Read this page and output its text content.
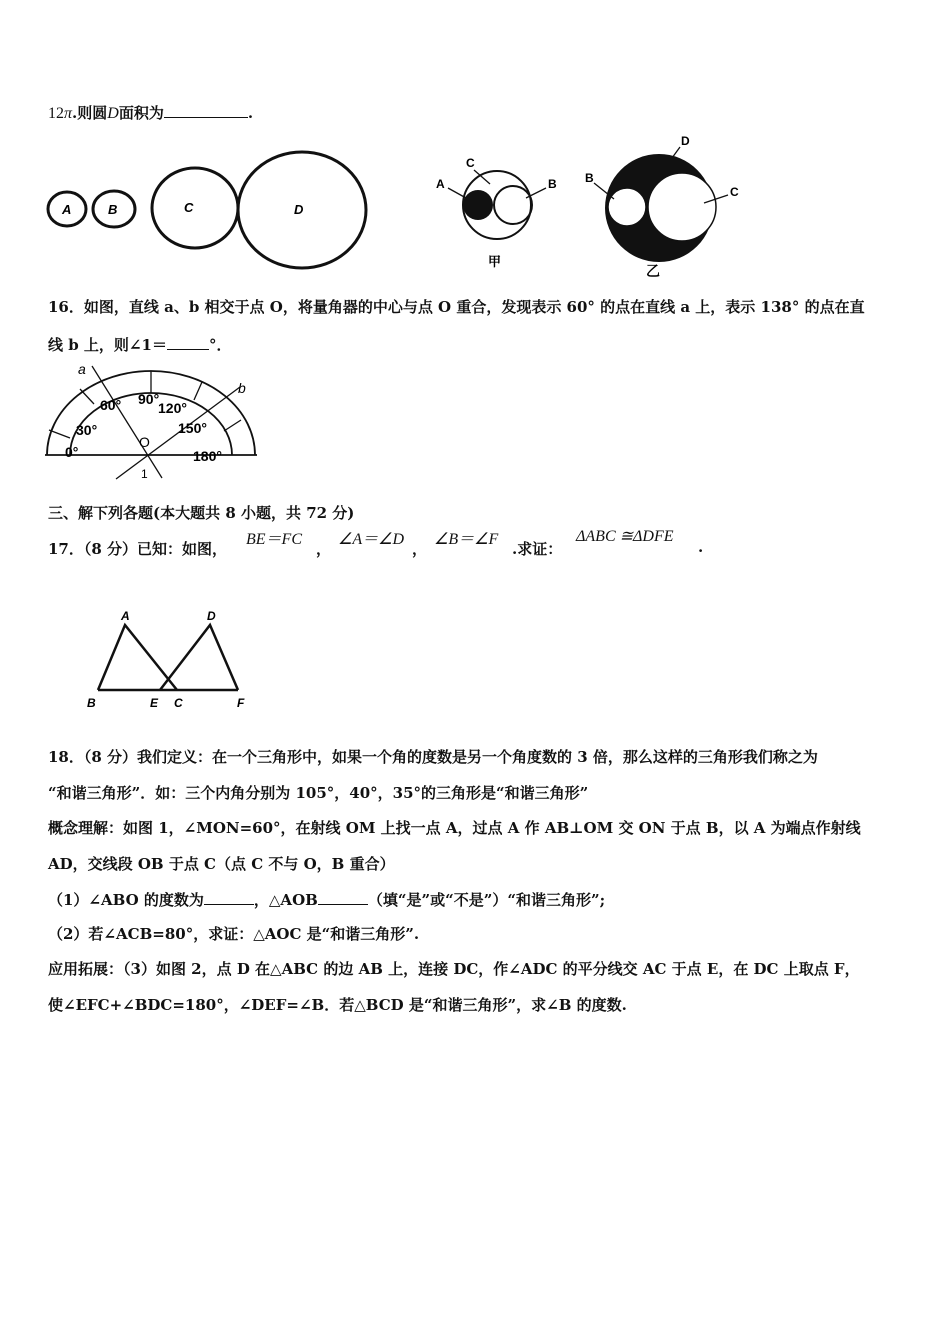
12π.则圆D面积为	.
A	B	C	D
A
C
B
甲
D
B
C
乙
16．如图，直线 a、b 相交于点 O，将量角器的中心与点 O 重合，发现表示 60° 的点在直线 a 上，表示 138° 的点在直
线 b 上，则∠1＝	°．
a
b
60° 90°
120°
30°	150°
0°	180°
O
1
三、解下列各题(本大题共 8 小题，共 72 分)
17．（8 分）已知：如图，
BE＝FC
，
∠A＝∠D
，
∠B＝∠F
.求证：
ΔABC ≅ΔDFE
.
A	D
B	E C	F
18．（8 分）我们定义：在一个三角形中，如果一个角的度数是另一个角度数的 3 倍，那么这样的三角形我们称之为
“和谐三角形”．如：三个内角分别为 105°，40°，35°的三角形是“和谐三角形”
概念理解：如图 1，∠MON=60°，在射线 OM 上找一点 A，过点 A 作 AB⊥OM 交 ON 于点 B，以 A 为端点作射线
AD，交线段 OB 于点 C（点 C 不与 O，B 重合）
（1）∠ABO 的度数为	，△AOB	（填“是”或“不是”）“和谐三角形”;
（2）若∠ACB=80°，求证：△AOC 是“和谐三角形”.
应用拓展：（3）如图 2，点 D 在△ABC 的边 AB 上，连接 DC，作∠ADC 的平分线交 AC 于点 E，在 DC 上取点 F，
使∠EFC+∠BDC=180°，∠DEF=∠B．若△BCD 是“和谐三角形”，求∠B 的度数.
